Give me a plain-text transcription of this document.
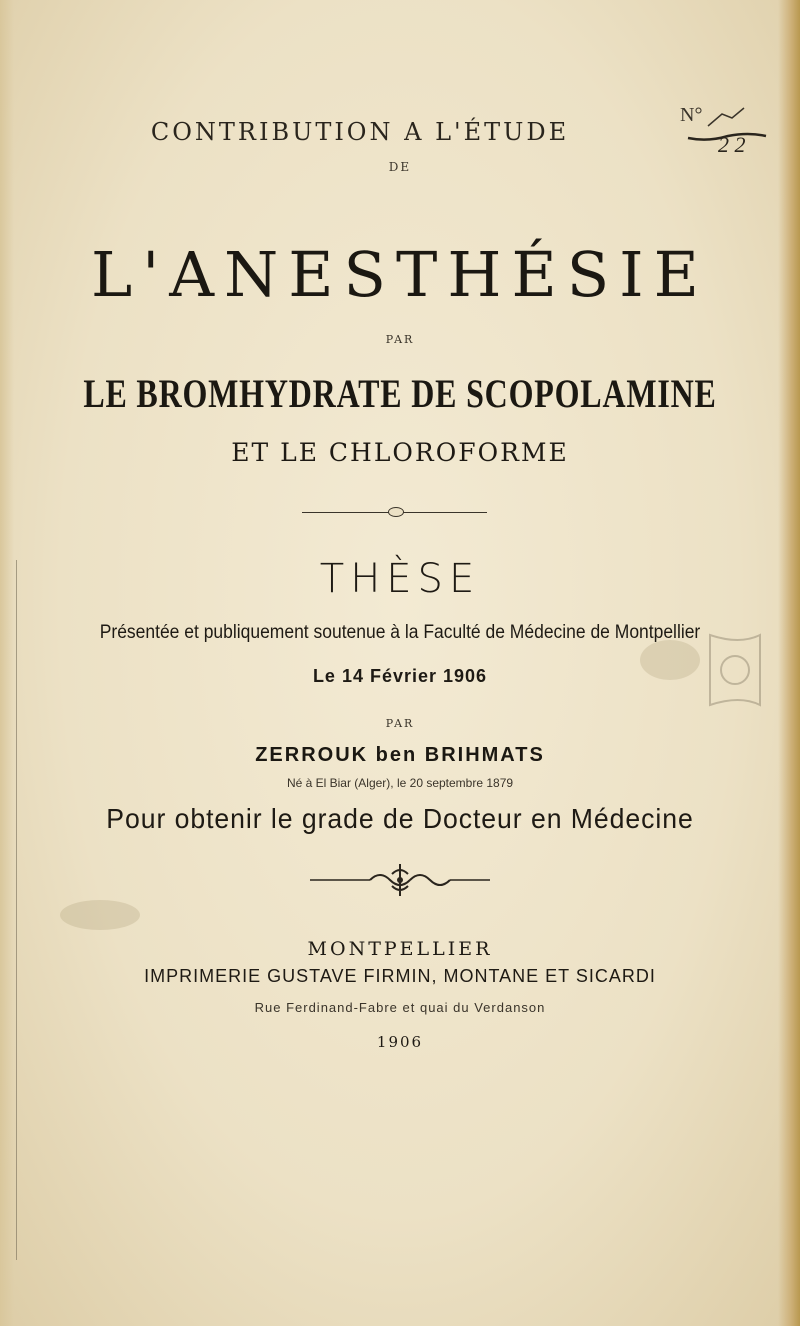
CONTRIBUTION A L'ÉTUDE
DE
L'ANESTHÉSIE
PAR
LE BROMHYDRATE DE SCOPOLAMINE
ET LE CHLOROFORME
THÈSE
Présentée et publiquement soutenue à la Faculté de Médecine de Montpellier
Le 14 Février 1906
PAR
ZERROUK ben BRIHMATS
Né à El Biar (Alger), le 20 septembre 1879
Pour obtenir le grade de Docteur en Médecine
MONTPELLIER
IMPRIMERIE GUSTAVE FIRMIN, MONTANE ET SICARDI
Rue Ferdinand-Fabre et quai du Verdanson
1906
N°
2 2
